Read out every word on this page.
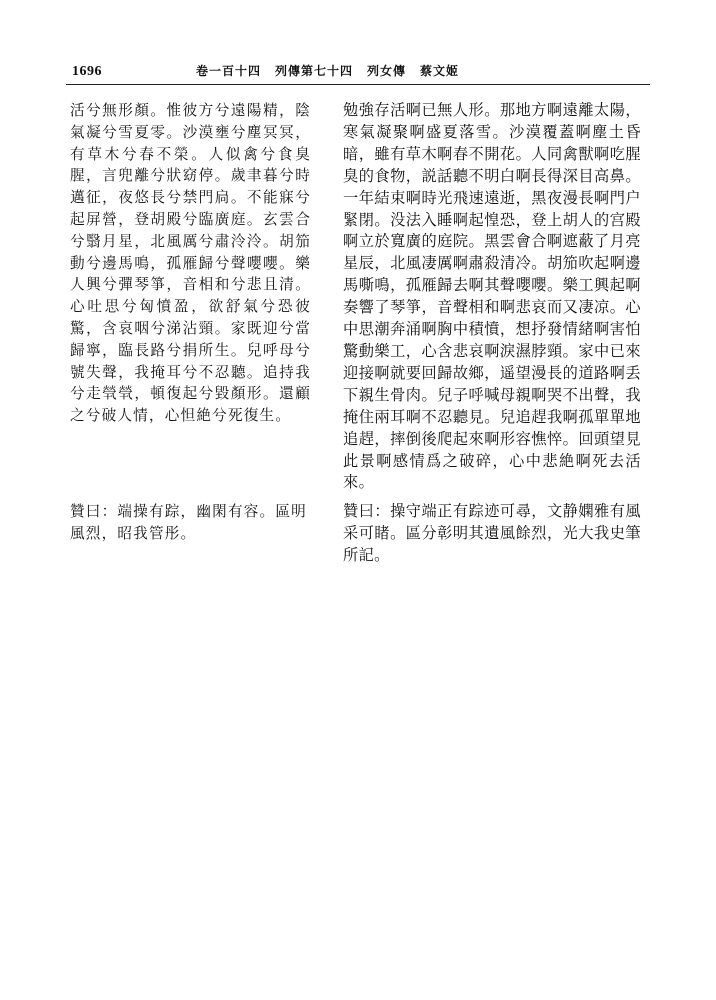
1696	卷一百十四 列傳第七十四 列女傳 蔡文姬
活兮無形顏。惟彼方兮遠陽精，陰氣凝兮雪夏零。沙漠壅兮塵冥冥，有草木兮春不榮。人似禽兮食臭腥，言兜離兮狀窈停。歲聿暮兮時邁征，夜悠長兮禁門扃。不能寐兮起屏營，登胡殿兮臨廣庭。玄雲合兮翳月星，北風厲兮肅泠泠。胡笳動兮邊馬鳴，孤雁歸兮聲嚶嚶。樂人興兮彈琴箏，音相和兮悲且清。心吐思兮匈憤盈，欲舒氣兮恐彼驚，含哀咽兮涕沾頸。家既迎兮當歸寧，臨長路兮捐所生。兒呼母兮號失聲，我掩耳兮不忍聽。追持我兮走煢煢，頓復起兮毀顏形。還顧之兮破人情，心怛絶兮死復生。
勉強存活啊已無人形。那地方啊遠離太陽，寒氣凝聚啊盛夏落雪。沙漠覆蓋啊塵土昏暗，雖有草木啊春不開花。人同禽獸啊吃腥臭的食物，説話聽不明白啊長得深目高鼻。一年結束啊時光飛速遠逝，黑夜漫長啊門户緊閉。没法入睡啊起惶恐，登上胡人的宫殿啊立於寬廣的庭院。黑雲會合啊遮蔽了月亮星辰，北風凄厲啊肅殺清冷。胡笳吹起啊邊馬嘶鳴，孤雁歸去啊其聲嚶嚶。樂工興起啊奏響了琴箏，音聲相和啊悲哀而又凄凉。心中思潮奔涌啊胸中積憤，想抒發情緒啊害怕驚動樂工，心含悲哀啊淚濕脖頸。家中已來迎接啊就要回歸故鄉，遥望漫長的道路啊丢下親生骨肉。兒子呼喊母親啊哭不出聲，我掩住兩耳啊不忍聽見。兒追趕我啊孤單單地追趕，摔倒後爬起來啊形容憔悴。回頭望見此景啊感情爲之破碎，心中悲絶啊死去活來。
贊曰：端操有踪，幽閑有容。區明風烈，昭我管彤。
贊曰：操守端正有踪迹可尋，文静嫻雅有風采可睹。區分彰明其遺風餘烈，光大我史筆所記。
